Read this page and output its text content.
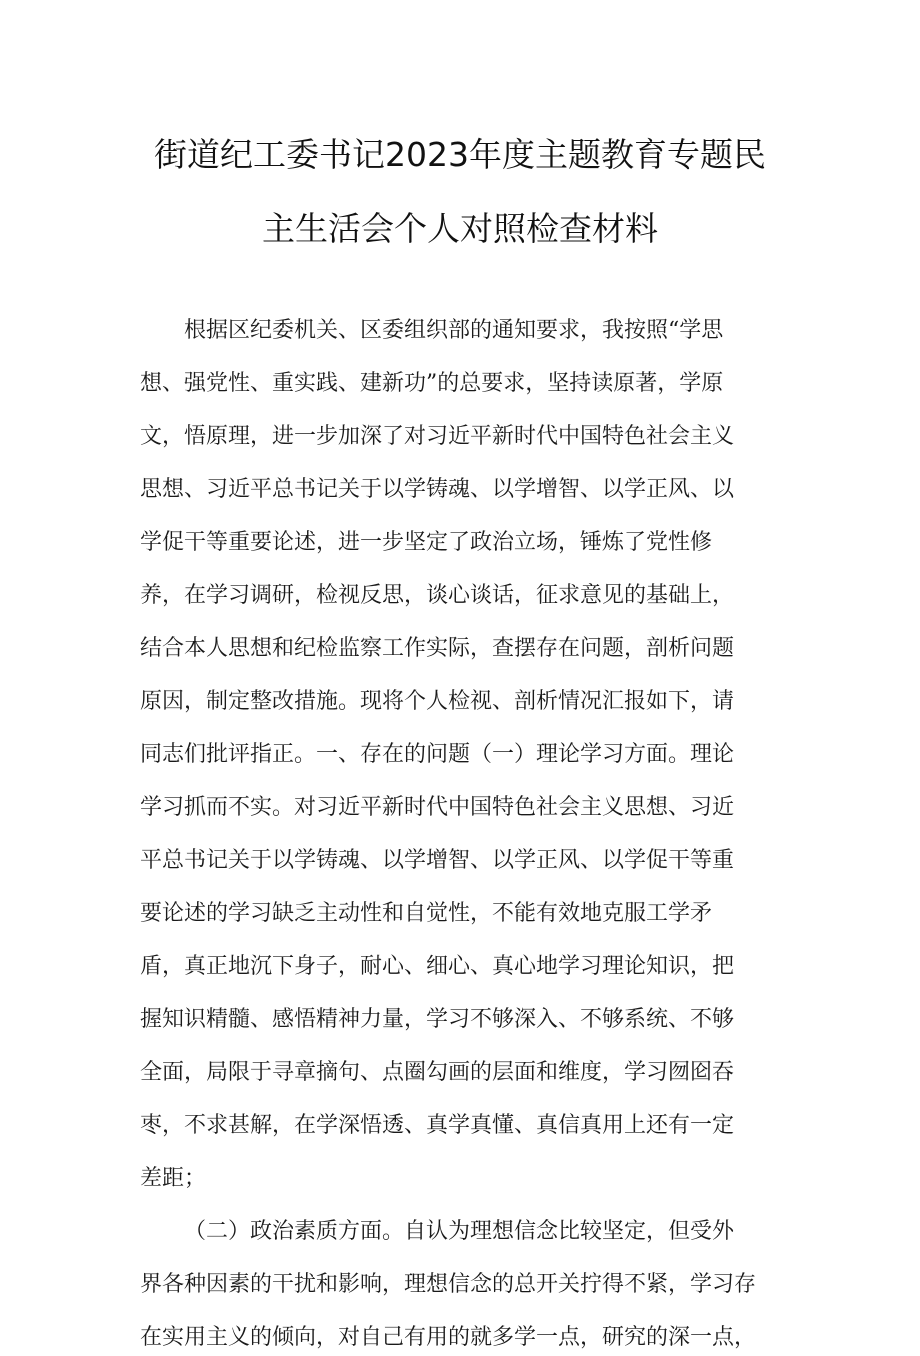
街道纪工委书记2023年度主题教育专题民
主生活会个人对照检查材料
根据区纪委机关、区委组织部的通知要求，我按照“学思
想、强党性、重实践、建新功”的总要求，坚持读原著，学原
文，悟原理，进一步加深了对习近平新时代中国特色社会主义
思想、习近平总书记关于以学铸魂、以学增智、以学正风、以
学促干等重要论述，进一步坚定了政治立场，锤炼了党性修
养，在学习调研，检视反思，谈心谈话，征求意见的基础上，
结合本人思想和纪检监察工作实际，查摆存在问题，剖析问题
原因，制定整改措施。现将个人检视、剖析情况汇报如下，请
同志们批评指正。一、存在的问题（一）理论学习方面。理论
学习抓而不实。对习近平新时代中国特色社会主义思想、习近
平总书记关于以学铸魂、以学增智、以学正风、以学促干等重
要论述的学习缺乏主动性和自觉性，不能有效地克服工学矛
盾，真正地沉下身子，耐心、细心、真心地学习理论知识，把
握知识精髓、感悟精神力量，学习不够深入、不够系统、不够
全面，局限于寻章摘句、点圈勾画的层面和维度，学习囫囵吞
枣，不求甚解，在学深悟透、真学真懂、真信真用上还有一定
差距；
（二）政治素质方面。自认为理想信念比较坚定，但受外
界各种因素的干扰和影响，理想信念的总开关拧得不紧，学习存
在实用主义的倾向，对自己有用的就多学一点，研究的深一点，
